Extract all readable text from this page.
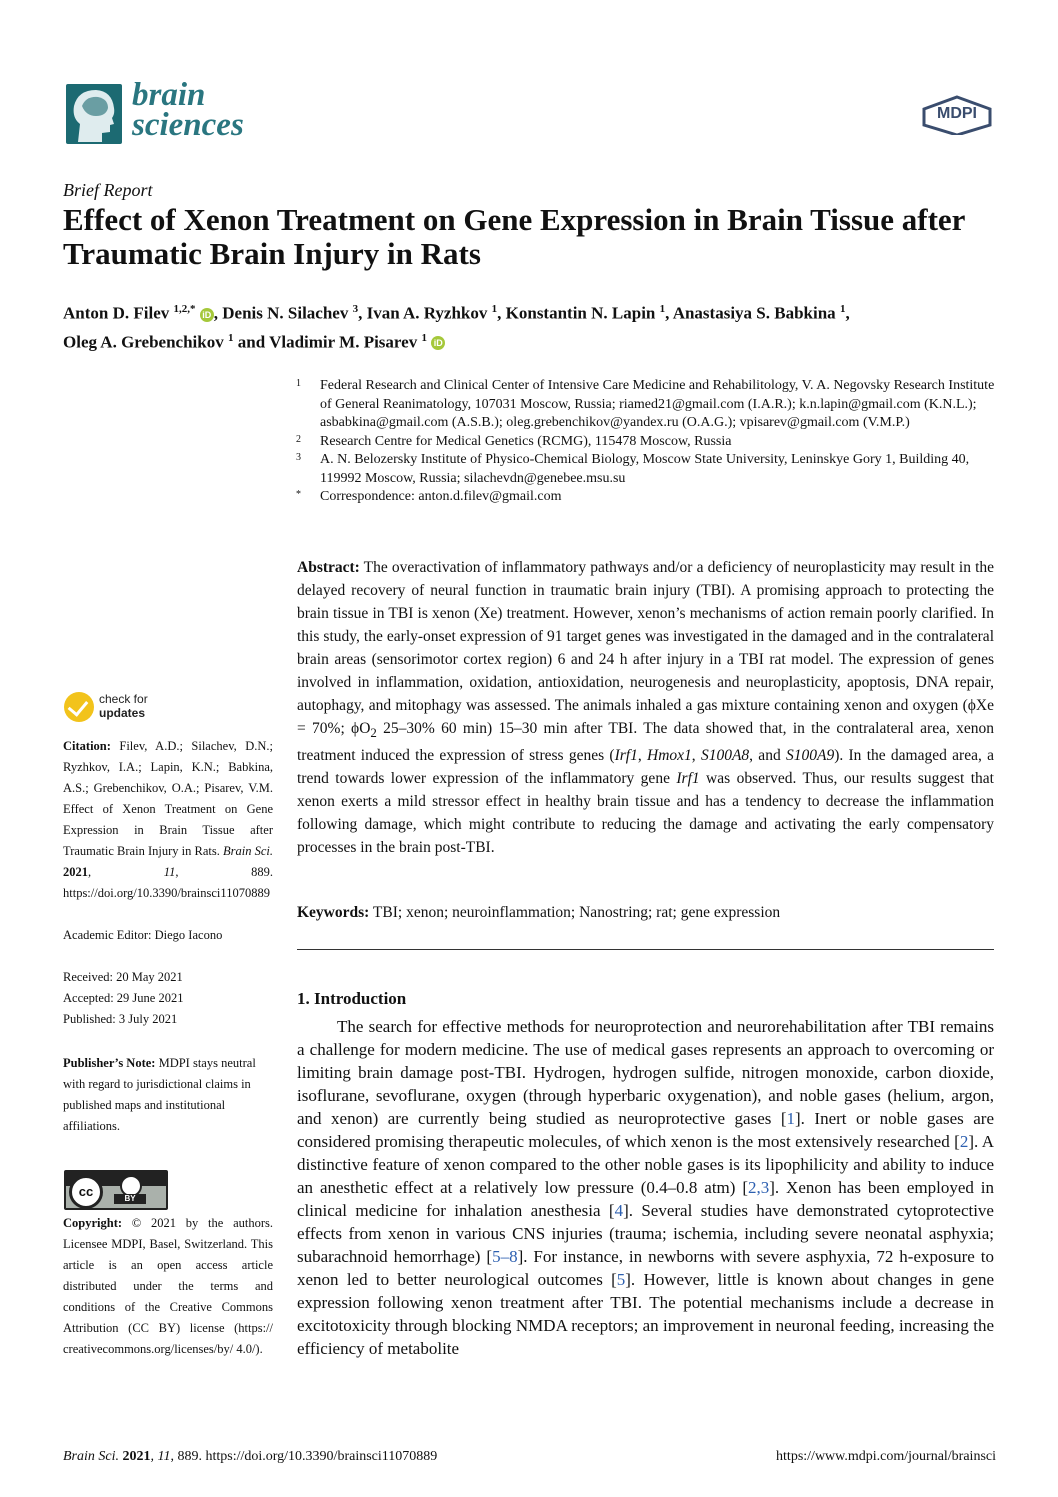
brain
sciences	MDPI
Brief Report
Effect of Xenon Treatment on Gene Expression in Brain Tissue after Traumatic Brain Injury in Rats
Anton D. Filev $^{1,2,*}$ iD , Denis N. Silachev $^3$, Ivan A. Ryzhkov $^1$, Konstantin N. Lapin $^1$, Anastasiya S. Babkina $^1$,
Oleg A. Grebenchikov $^1$ and Vladimir M. Pisarev $^1$ iD
1	Federal Research and Clinical Center of Intensive Care Medicine and Rehabilitology, V. A. Negovsky Research Institute of General Reanimatology, 107031 Moscow, Russia; riamed21@gmail.com (I.A.R.); k.n.lapin@gmail.com (K.N.L.); asbabkina@gmail.com (A.S.B.); oleg.grebenchikov@yandex.ru (O.A.G.); vpisarev@gmail.com (V.M.P.)
2	Research Centre for Medical Genetics (RCMG), 115478 Moscow, Russia
3	A. N. Belozersky Institute of Physico-Chemical Biology, Moscow State University, Leninskye Gory 1, Building 40, 119992 Moscow, Russia; silachevdn@genebee.msu.su
*	Correspondence: anton.d.filev@gmail.com

Abstract: The overactivation of inflammatory pathways and/or a deficiency of neuroplasticity may result in the delayed recovery of neural function in traumatic brain injury (TBI). A promising approach to protecting the brain tissue in TBI is xenon (Xe) treatment. However, xenon’s mechanisms of action remain poorly clarified. In this study, the early-onset expression of 91 target genes was investigated in the damaged and in the contralateral brain areas (sensorimotor cortex region) 6 and 24 h after injury in a TBI rat model. The expression of genes involved in inflammation, oxidation, antioxidation, neurogenesis and neuroplasticity, apoptosis, DNA repair, autophagy, and mitophagy was assessed. The animals inhaled a gas mixture containing xenon and oxygen (ϕXe = 70%; $\phi O_2$ 25–30% 60 min) 15–30 min after TBI. The data showed that, in the contralateral area, xenon treatment induced the expression of stress genes (Irf1, Hmox1, S100A8, and S100A9). In the damaged area, a trend towards lower expression of the inflammatory gene Irf1 was observed. Thus, our results suggest that xenon exerts a mild stressor effect in healthy brain tissue and has a tendency to decrease the inflammation following damage, which might contribute to reducing the damage and activating the early compensatory processes in the brain post-TBI.

Keywords: TBI; xenon; neuroinflammation; Nanostring; rat; gene expression
check for
updates
Citation: Filev, A.D.; Silachev, D.N.; Ryzhkov, I.A.; Lapin, K.N.; Babkina, A.S.; Grebenchikov, O.A.; Pisarev, V.M. Effect of Xenon Treatment on Gene Expression in Brain Tissue after Traumatic Brain Injury in Rats. Brain Sci. 2021, 11, 889. https://doi.org/10.3390/brainsci11070889
Academic Editor: Diego Iacono
Received: 20 May 2021
Accepted: 29 June 2021
Published: 3 July 2021
Publisher’s Note: MDPI stays neutral with regard to jurisdictional claims in published maps and institutional affiliations.
cc	BY
Copyright: © 2021 by the authors. Licensee MDPI, Basel, Switzerland. This article is an open access article distributed under the terms and conditions of the Creative Commons Attribution (CC BY) license (https:// creativecommons.org/licenses/by/ 4.0/).
1. Introduction

The search for effective methods for neuroprotection and neurorehabilitation after TBI remains a challenge for modern medicine. The use of medical gases represents an approach to overcoming or limiting brain damage post-TBI. Hydrogen, hydrogen sulfide, nitrogen monoxide, carbon dioxide, isoflurane, sevoflurane, oxygen (through hyperbaric oxygenation), and noble gases (helium, argon, and xenon) are currently being studied as neuroprotective gases [1]. Inert or noble gases are considered promising therapeutic molecules, of which xenon is the most extensively researched [2]. A distinctive feature of xenon compared to the other noble gases is its lipophilicity and ability to induce an anesthetic effect at a relatively low pressure (0.4–0.8 atm) [2,3]. Xenon has been employed in clinical medicine for inhalation anesthesia [4]. Several studies have demonstrated cytoprotective effects from xenon in various CNS injuries (trauma; ischemia, including severe neonatal asphyxia; subarachnoid hemorrhage) [5–8]. For instance, in newborns with severe asphyxia, 72 h-exposure to xenon led to better neurological outcomes [5]. However, little is known about changes in gene expression following xenon treatment after TBI. The potential mechanisms include a decrease in excitotoxicity through blocking NMDA receptors; an improvement in neuronal feeding, increasing the efficiency of metabolite

Brain Sci. 2021, 11, 889. https://doi.org/10.3390/brainsci11070889	https://www.mdpi.com/journal/brainsci
